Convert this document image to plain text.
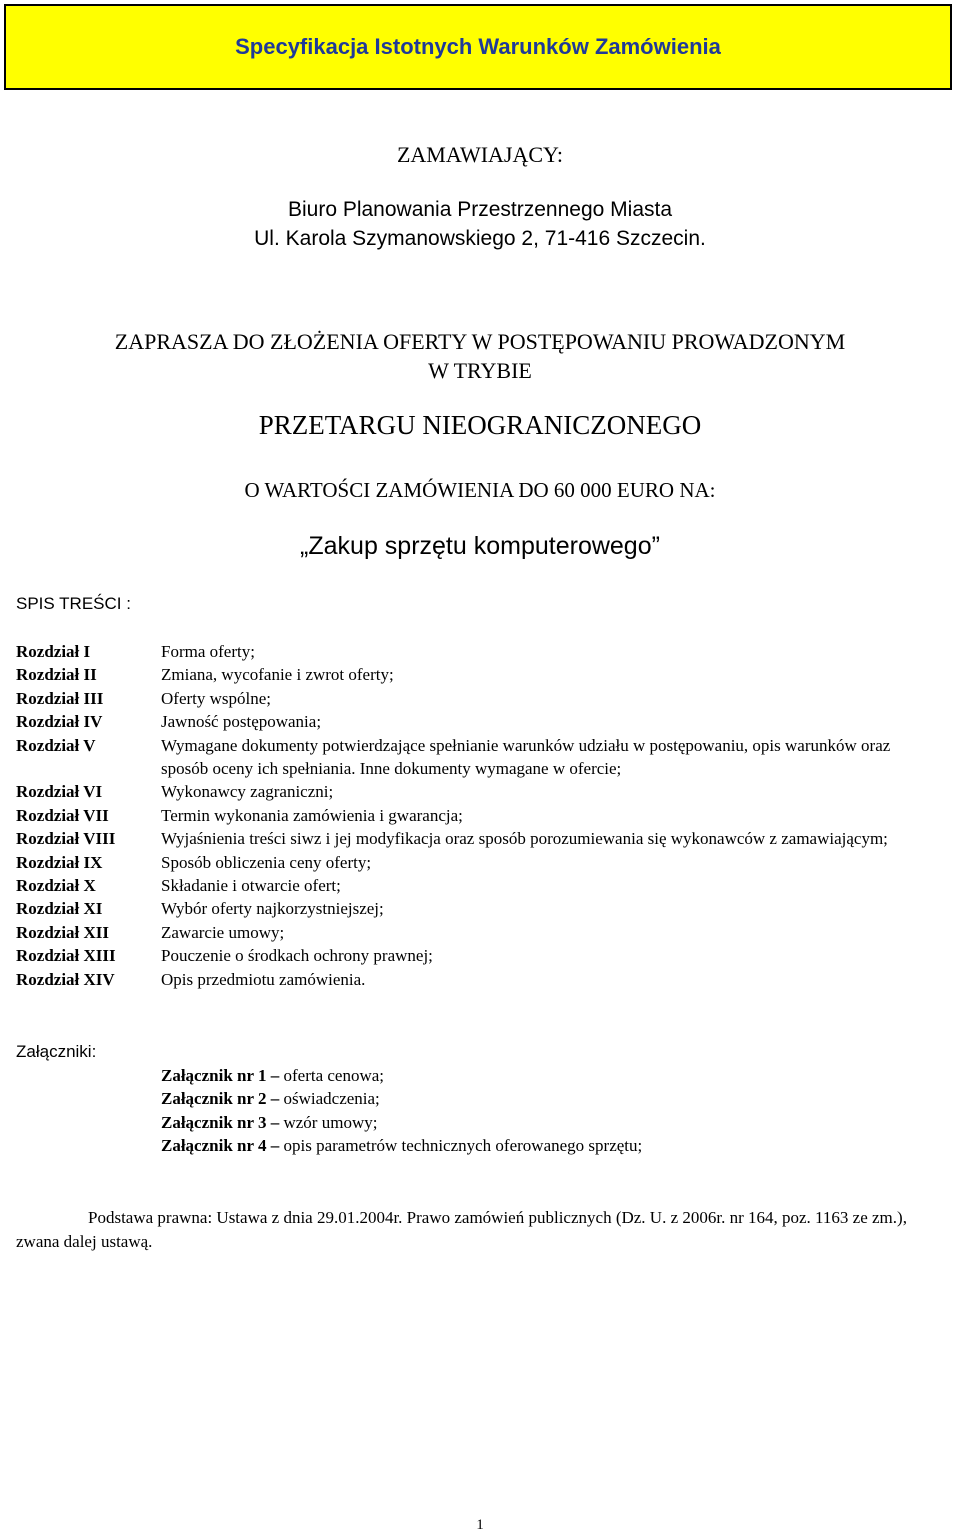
Specyfikacja Istotnych Warunków Zamówienia
ZAMAWIAJĄCY:
Biuro Planowania Przestrzennego Miasta
Ul. Karola Szymanowskiego 2, 71-416 Szczecin.
ZAPRASZA DO ZŁOŻENIA OFERTY W POSTĘPOWANIU PROWADZONYM
W TRYBIE
PRZETARGU NIEOGRANICZONEGO
O WARTOŚCI ZAMÓWIENIA DO 60 000 EURO NA:
„Zakup sprzętu komputerowego”
SPIS TREŚCI :
Rozdział I	Forma oferty;
Rozdział II	Zmiana, wycofanie i zwrot oferty;
Rozdział III	Oferty wspólne;
Rozdział IV	Jawność postępowania;
Rozdział V	Wymagane dokumenty potwierdzające spełnianie warunków udziału w postępowaniu, opis warunków oraz sposób oceny ich spełniania. Inne dokumenty wymagane w ofercie;
Rozdział VI	Wykonawcy zagraniczni;
Rozdział VII	Termin wykonania zamówienia i gwarancja;
Rozdział VIII	Wyjaśnienia treści siwz i jej modyfikacja oraz sposób porozumiewania się wykonawców z zamawiającym;
Rozdział IX	Sposób obliczenia ceny oferty;
Rozdział X	Składanie i otwarcie ofert;
Rozdział XI	Wybór oferty najkorzystniejszej;
Rozdział XII	Zawarcie umowy;
Rozdział XIII	Pouczenie o środkach ochrony prawnej;
Rozdział XIV	Opis przedmiotu zamówienia.
Załączniki:
Załącznik nr 1 – oferta cenowa;
Załącznik nr 2 – oświadczenia;
Załącznik nr 3 – wzór umowy;
Załącznik nr 4 – opis parametrów technicznych oferowanego sprzętu;
Podstawa prawna: Ustawa z dnia 29.01.2004r. Prawo zamówień publicznych (Dz. U. z 2006r. nr 164, poz. 1163 ze zm.), zwana dalej ustawą.
1
